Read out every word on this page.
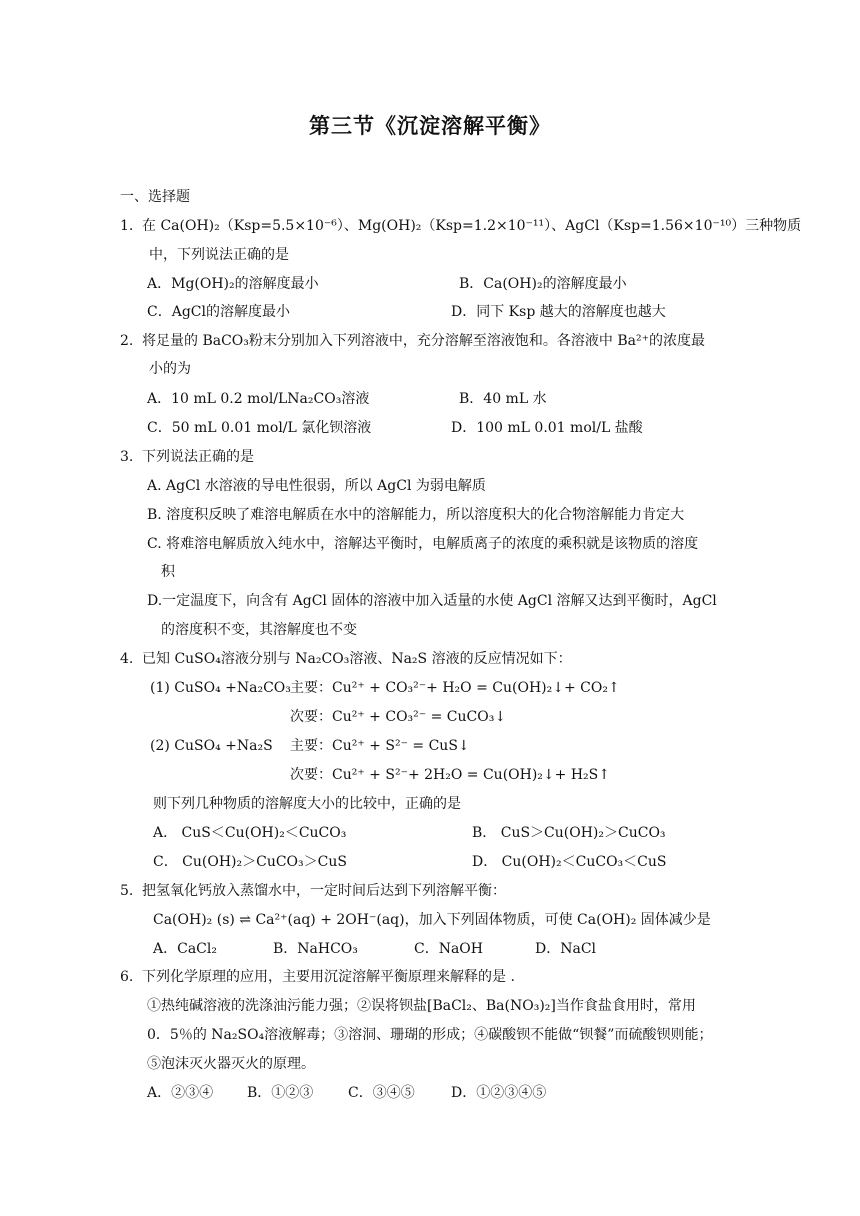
第三节《沉淀溶解平衡》
一、选择题
1. 在 Ca(OH)₂（Ksp=5.5×10⁻⁶）、Mg(OH)₂（Ksp=1.2×10⁻¹¹）、AgCl（Ksp=1.56×10⁻¹⁰）三种物质
中，下列说法正确的是
A．Mg(OH)₂的溶解度最小	B．Ca(OH)₂的溶解度最小
C．AgCl的溶解度最小	D．同下 Ksp 越大的溶解度也越大
2. 将足量的 BaCO₃粉末分别加入下列溶液中，充分溶解至溶液饱和。各溶液中 Ba²⁺的浓度最
小的为
A．10 mL 0.2 mol/LNa₂CO₃溶液	B．40 mL 水
C．50 mL 0.01 mol/L 氯化钡溶液	D．100 mL 0.01 mol/L 盐酸
3. 下列说法正确的是
A. AgCl 水溶液的导电性很弱，所以 AgCl 为弱电解质
B. 溶度积反映了难溶电解质在水中的溶解能力，所以溶度积大的化合物溶解能力肯定大
C. 将难溶电解质放入纯水中，溶解达平衡时，电解质离子的浓度的乘积就是该物质的溶度
积
D.一定温度下，向含有 AgCl 固体的溶液中加入适量的水使 AgCl 溶解又达到平衡时，AgCl
的溶度积不变，其溶解度也不变
4. 已知 CuSO₄溶液分别与 Na₂CO₃溶液、Na₂S 溶液的反应情况如下：
(1) CuSO₄ +Na₂CO₃ 主要：Cu²⁺ + CO₃²⁻+ H₂O = Cu(OH)₂↓+ CO₂↑
次要：Cu²⁺ + CO₃²⁻ = CuCO₃↓
(2) CuSO₄ +Na₂S 主要：Cu²⁺ + S²⁻ = CuS↓
次要：Cu²⁺ + S²⁻+ 2H₂O = Cu(OH)₂↓+ H₂S↑
则下列几种物质的溶解度大小的比较中，正确的是
A． CuS＜Cu(OH)₂＜CuCO₃	B． CuS＞Cu(OH)₂＞CuCO₃
C． Cu(OH)₂＞CuCO₃＞CuS	D． Cu(OH)₂＜CuCO₃＜CuS
5. 把氢氧化钙放入蒸馏水中，一定时间后达到下列溶解平衡：
Ca(OH)₂ (s) ⇌ Ca²⁺(aq) + 2OH⁻(aq)，加入下列固体物质，可使 Ca(OH)₂ 固体减少是
A．CaCl₂	B．NaHCO₃	C．NaOH	D．NaCl
6. 下列化学原理的应用，主要用沉淀溶解平衡原理来解释的是 .
①热纯碱溶液的洗涤油污能力强；②误将钡盐[BaCl₂、Ba(NO₃)₂]当作食盐食用时，常用
0．5％的 Na₂SO₄溶液解毒；③溶洞、珊瑚的形成；④碳酸钡不能做“钡餐”而硫酸钡则能；
⑤泡沫灭火器灭火的原理。
A．②③④ B．①②③ C．③④⑤	D．①②③④⑤
